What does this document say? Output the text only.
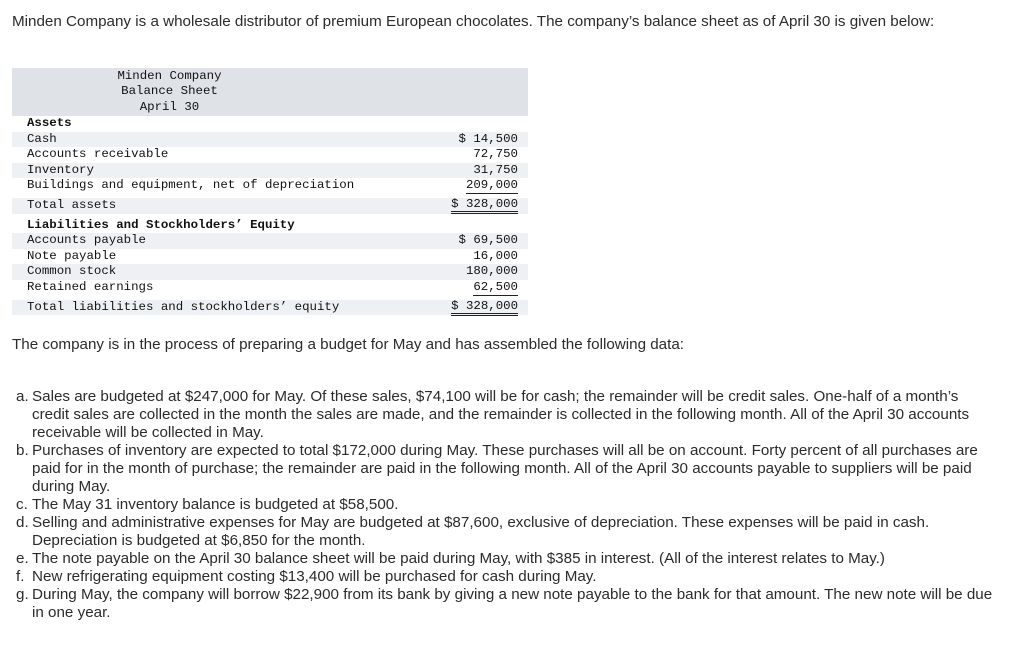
Minden Company is a wholesale distributor of premium European chocolates. The company’s balance sheet as of April 30 is given below:
Minden Company
Balance Sheet
April 30
Assets
Cash	$ 14,500
Accounts receivable	72,750
Inventory	31,750
Buildings and equipment, net of depreciation	209,000
Total assets	$ 328,000
Liabilities and Stockholders’ Equity
Accounts payable	$ 69,500
Note payable	16,000
Common stock	180,000
Retained earnings	62,500
Total liabilities and stockholders’ equity	$ 328,000
The company is in the process of preparing a budget for May and has assembled the following data:
a. Sales are budgeted at $247,000 for May. Of these sales, $74,100 will be for cash; the remainder will be credit sales. One-half of a month’s credit sales are collected in the month the sales are made, and the remainder is collected in the following month. All of the April 30 accounts receivable will be collected in May.
b. Purchases of inventory are expected to total $172,000 during May. These purchases will all be on account. Forty percent of all purchases are paid for in the month of purchase; the remainder are paid in the following month. All of the April 30 accounts payable to suppliers will be paid during May.
c. The May 31 inventory balance is budgeted at $58,500.
d. Selling and administrative expenses for May are budgeted at $87,600, exclusive of depreciation. These expenses will be paid in cash. Depreciation is budgeted at $6,850 for the month.
e. The note payable on the April 30 balance sheet will be paid during May, with $385 in interest. (All of the interest relates to May.)
f. New refrigerating equipment costing $13,400 will be purchased for cash during May.
g. During May, the company will borrow $22,900 from its bank by giving a new note payable to the bank for that amount. The new note will be due in one year.
